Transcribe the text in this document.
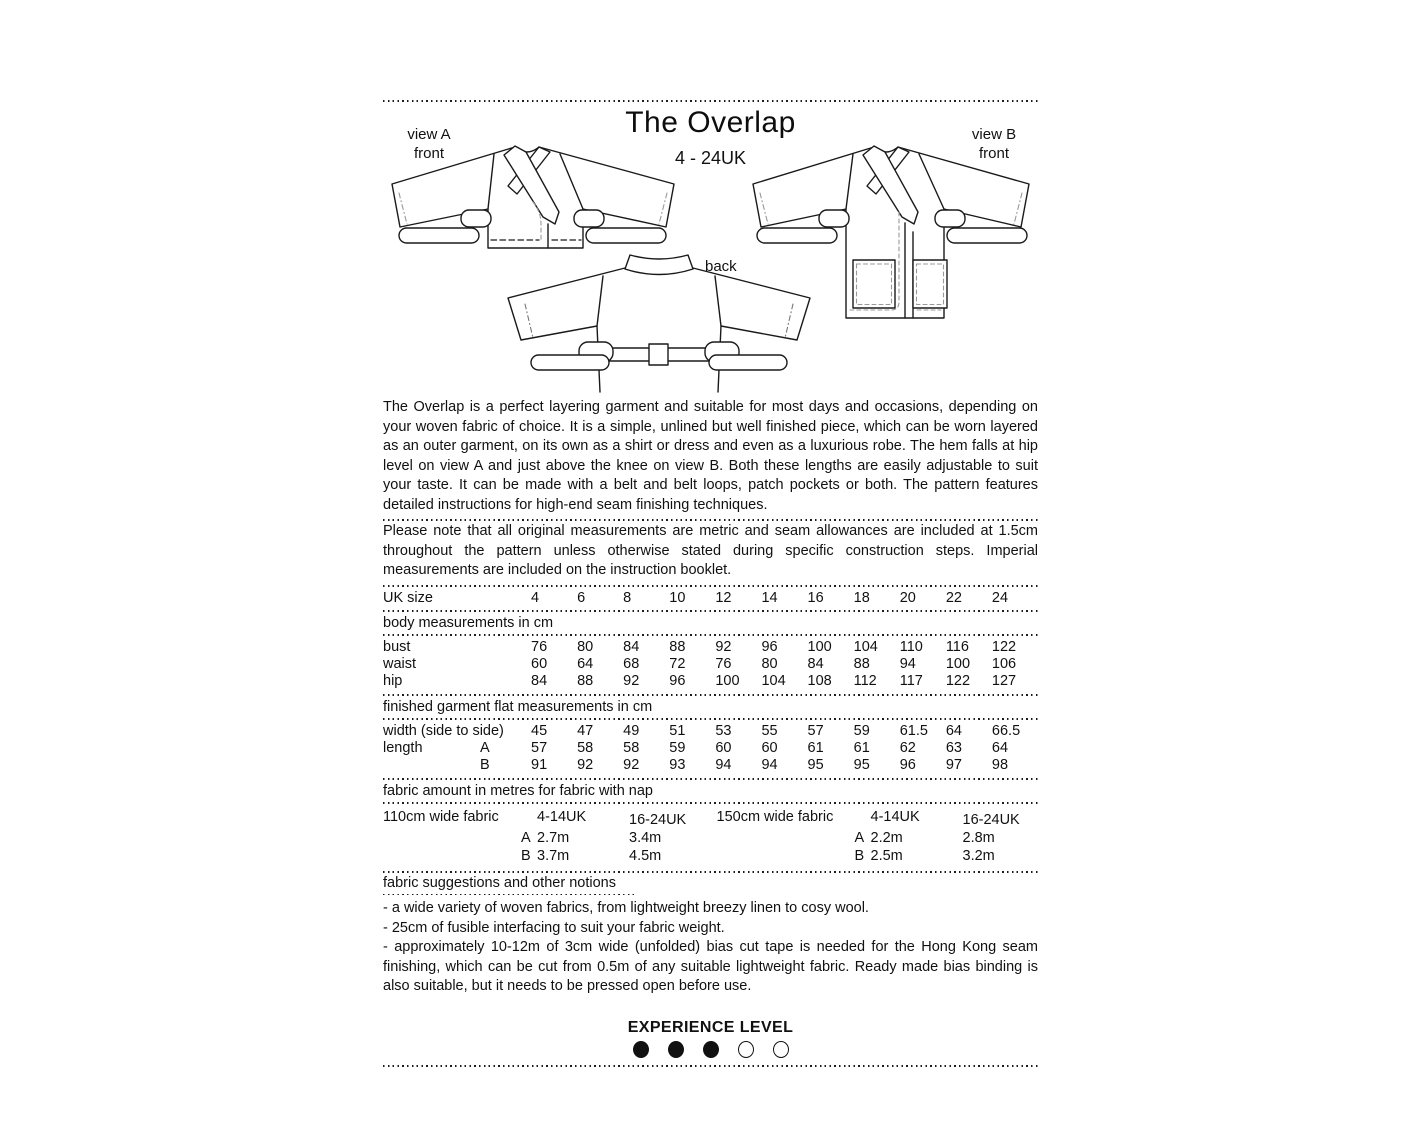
The Overlap
4 - 24UK
view A
front
view B
front
back

The Overlap is a perfect layering garment and suitable for most days and occasions, depending on your woven fabric of choice. It is a simple, unlined but well finished piece, which can be worn layered as an outer garment, on its own as a shirt or dress and even as a luxurious robe. The hem falls at hip level on view A and just above the knee on view B. Both these lengths are easily adjustable to suit your taste. It can be made with a belt and belt loops, patch pockets or both. The pattern features detailed instructions for high-end seam finishing techniques.

Please note that all original measurements are metric and seam allowances are included at 1.5cm throughout the pattern unless otherwise stated during specific construction steps. Imperial measurements are included on the instruction booklet.

UK size	4	6	8	10	12	14	16	18	20	22	24
body measurements in cm
bust	76	80	84	88	92	96	100	104	110	116	122
waist	60	64	68	72	76	80	84	88	94	100	106
hip	84	88	92	96	100	104	108	112	117	122	127
finished garment flat measurements in cm
width (side to side)	45	47	49	51	53	55	57	59	61.5	64	66.5
length	A	57	58	58	59	60	60	61	61	62	63	64
B	91	92	92	93	94	94	95	95	96	97	98
fabric amount in metres for fabric with nap
110cm wide fabric	4-14UK	16-24UK
A 2.7m	3.4m
B 3.7m	4.5m
150cm wide fabric	4-14UK	16-24UK
A 2.2m	2.8m
B 2.5m	3.2m
fabric suggestions and other notions

- a wide variety of woven fabrics, from lightweight breezy linen to cosy wool.

- 25cm of fusible interfacing to suit your fabric weight.

- approximately 10-12m of 3cm wide (unfolded) bias cut tape is needed for the Hong Kong seam finishing, which can be cut from 0.5m of any suitable lightweight fabric. Ready made bias binding is also suitable, but it needs to be pressed open before use.

EXPERIENCE LEVEL
